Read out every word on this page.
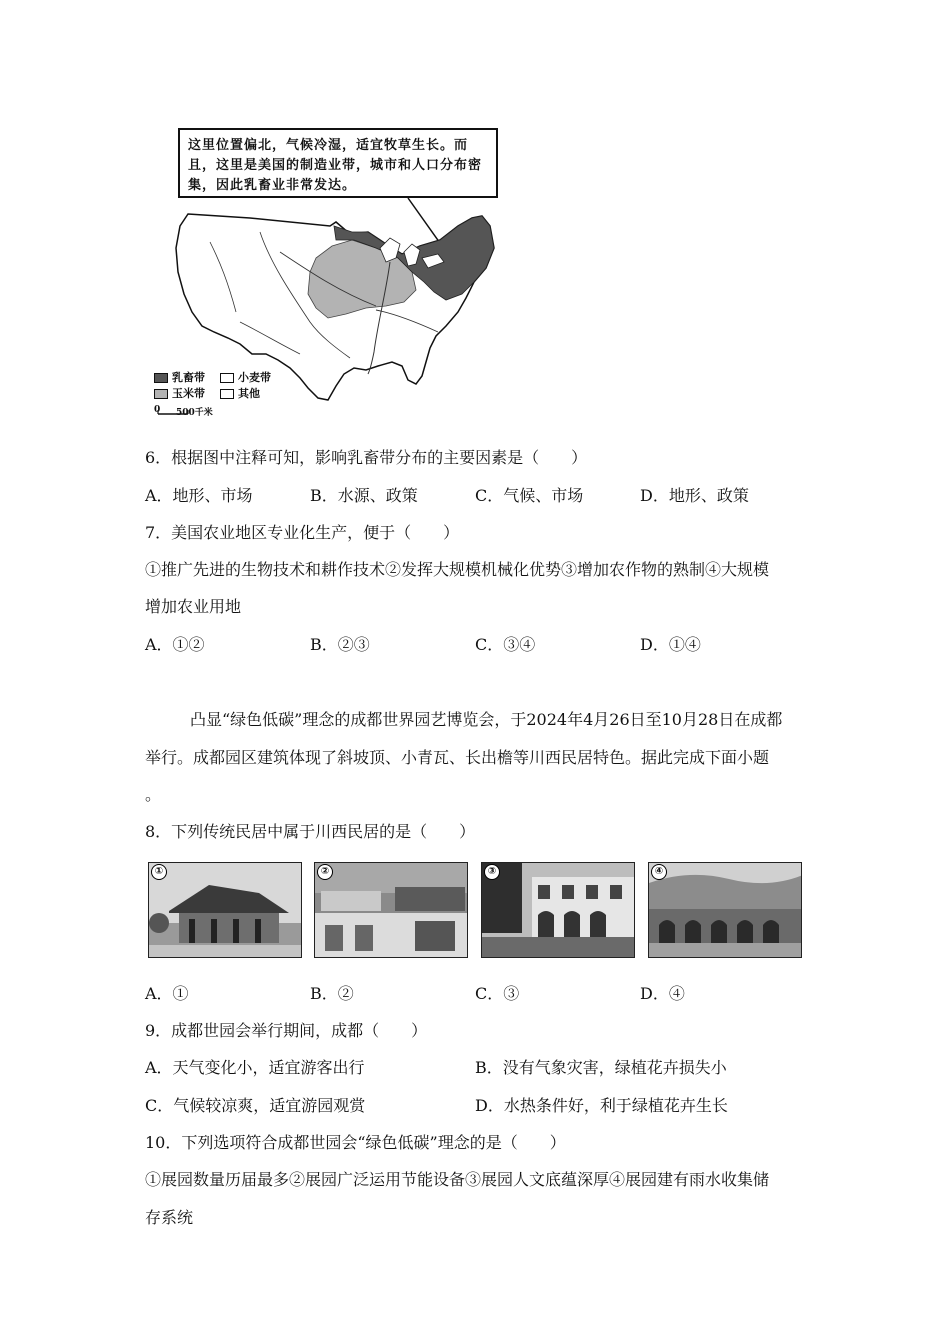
这里位置偏北，气候冷湿，适宜牧草生长。而且，这里是美国的制造业带，城市和人口分布密集，因此乳畜业非常发达。
乳畜带	小麦带
玉米带	其他
0 500千米
6．根据图中注释可知，影响乳畜带分布的主要因素是（　　）
A．地形、市场	B．水源、政策	C．气候、市场	D．地形、政策
7．美国农业地区专业化生产，便于（　　）
①推广先进的生物技术和耕作技术②发挥大规模机械化优势③增加农作物的熟制④大规模
增加农业用地
A．①②	B．②③	C．③④	D．①④
凸显“绿色低碳”理念的成都世界园艺博览会，于2024年4月26日至10月28日在成都
举行。成都园区建筑体现了斜坡顶、小青瓦、长出檐等川西民居特色。据此完成下面小题
。
8．下列传统民居中属于川西民居的是（　　）
①	②	③	④
A．①	B．②	C．③	D．④
9．成都世园会举行期间，成都（　　）
A．天气变化小，适宜游客出行	B．没有气象灾害，绿植花卉损失小
C．气候较凉爽，适宜游园观赏	D．水热条件好，利于绿植花卉生长
10．下列选项符合成都世园会“绿色低碳”理念的是（　　）
①展园数量历届最多②展园广泛运用节能设备③展园人文底蕴深厚④展园建有雨水收集储
存系统
